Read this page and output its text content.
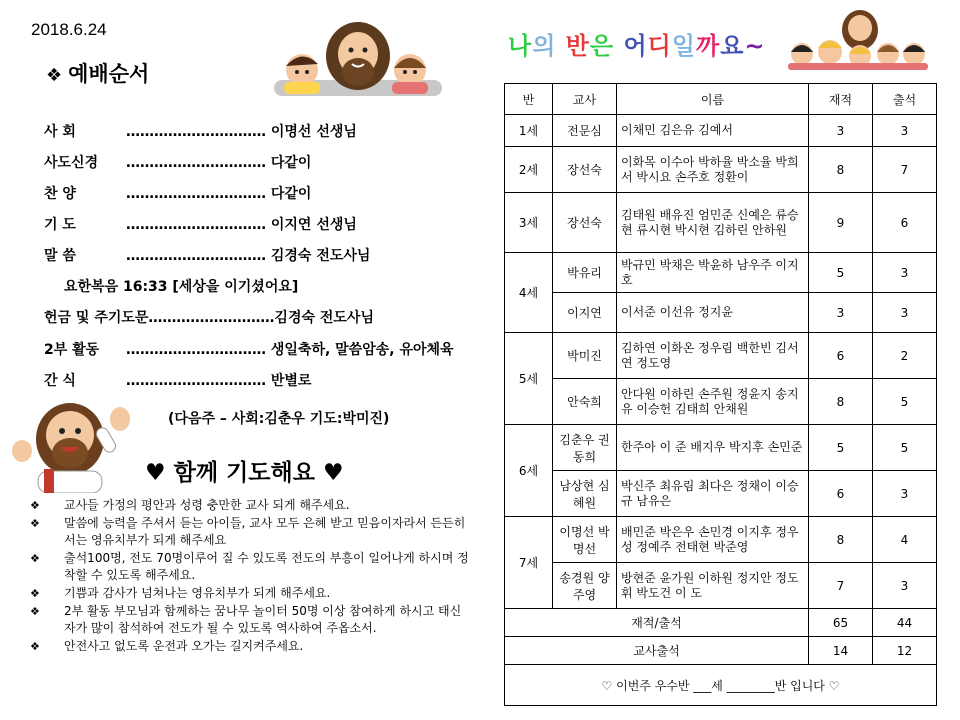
2018.6.24
❖ 예배순서
사 회	………………………… 이명선 선생님
사도신경 ………………………… 다같이
찬 양	………………………… 다같이
기 도	………………………… 이지연 선생님
말 씀	………………………… 김경숙 전도사님
요한복음 16:33 [세상을 이기셨어요]
헌금 및 주기도문………………………김경숙 전도사님
2부 활동 ………………………… 생일축하, 말씀암송, 유아체육
간 식	………………………… 반별로
(다음주 – 사회:김춘우 기도:박미진)
♥ 함께 기도해요 ♥
❖ 교사들 가정의 평안과 성령 충만한 교사 되게 해주세요.
❖ 말씀에 능력을 주셔서 듣는 아이들, 교사 모두 은혜 받고 믿음이자라서 든든히 서는 영유치부가 되게 해주세요
❖ 출석100명, 전도 70명이루어 질 수 있도록 전도의 부흥이 일어나게 하시며 정착할 수 있도록 해주세요.
❖ 기쁨과 감사가 넘쳐나는 영유치부가 되게 해주세요.
❖ 2부 활동 부모님과 함께하는 꿈나무 놀이터 50명 이상 참여하게 하시고 태신자가 많이 참석하여 전도가 될 수 있도록 역사하여 주옵소서.
❖ 안전사고 없도록 운전과 오가는 길지켜주세요.
나의 반은 어디일까요~
반	교사	이름	재적	출석
1세	전문심	이채민 김은유 김예서	3	3
2세	장선숙	이화목 이수아 박하율 박소율 박희서 박시요 손주호 정환이	8	7
3세	장선숙	김태원 배유진 엄민준 신예은 류승현 류시현 박시현 김하린 안하원	9	6
4세	박유리	박규민 박채은 박윤하 남우주 이지호	5	3
	이지연	이서준 이선유 정지윤	3	3
5세	박미진	김하연 이화온 정우림 백한빈 김서연 정도영	6	2
	안숙희	안다원 이하린 손주원 정윤지 송지유 이승헌 김태희 안채원	8	5
6세	김춘우 권동희	한주아 이 준 배지우 박지후 손민준	5	5
	남상현 심혜원	박신주 최유림 최다은 정채이 이승규 남유은	6	3
7세	이명선 박명선	배민준 박은우 손민경 이지후 정우성 정예주 전태현 박준영	8	4
	송경원 양주영	방현준 윤가원 이하원 정지안 정도휘 박도건 이 도	7	3
재적/출석			65	44
교사출석			14	12
♡ 이번주 우수반 ___세 ________반 입니다 ♡				
